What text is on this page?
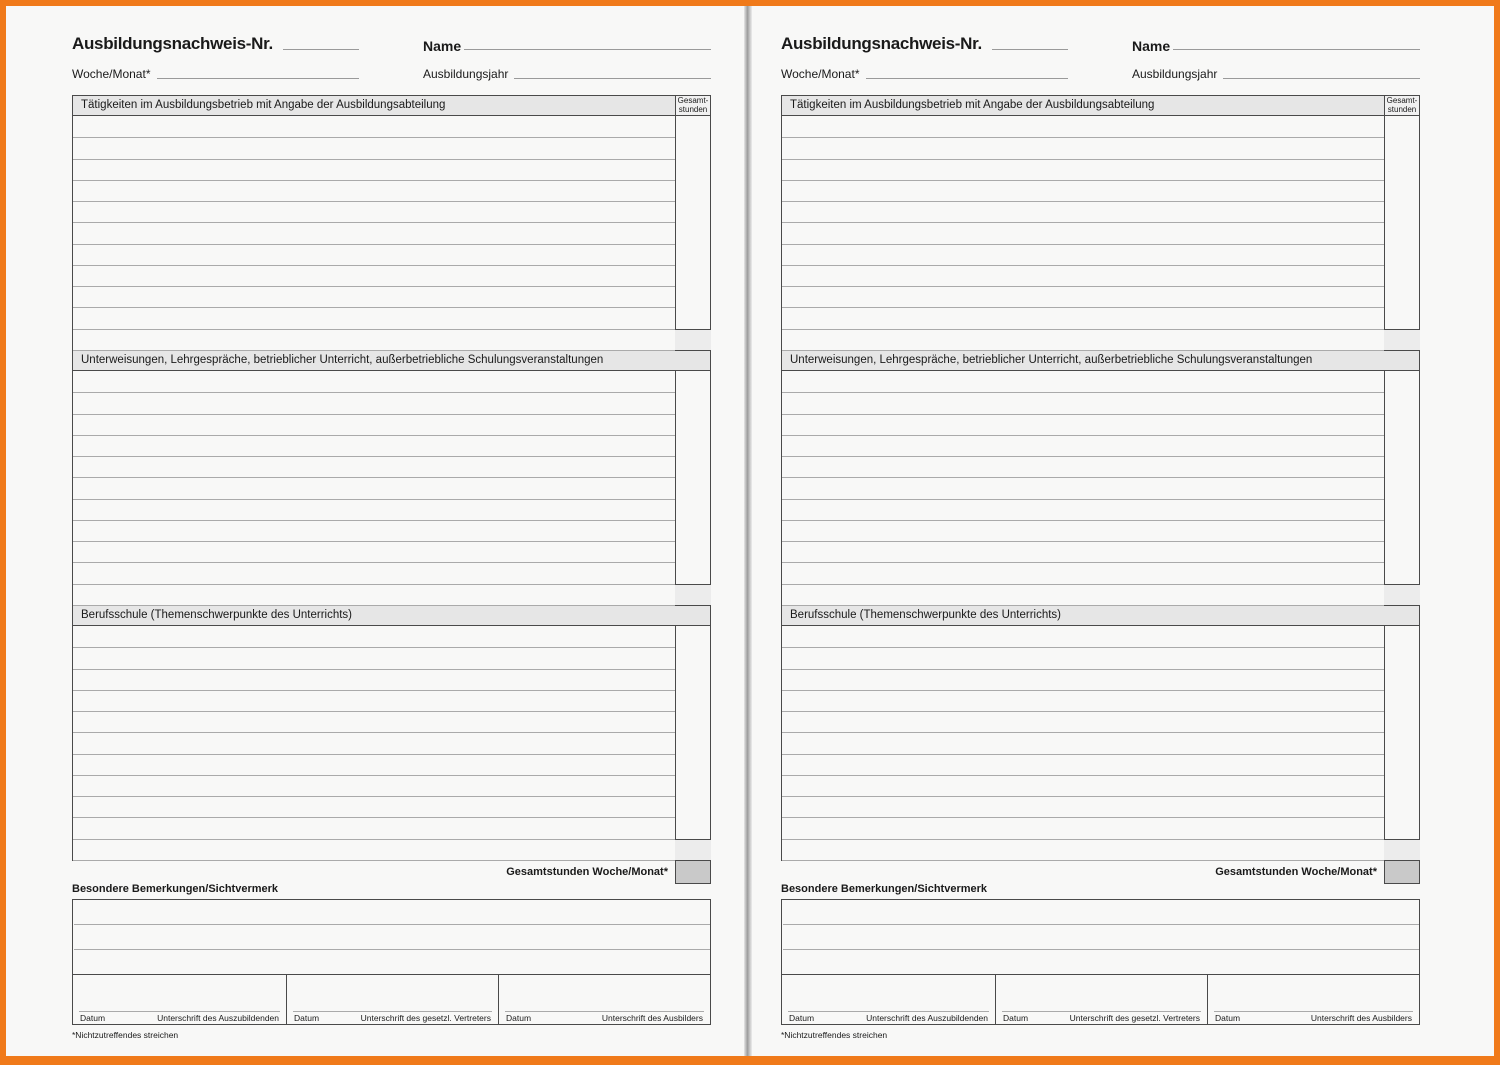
Ausbildungsnachweis-Nr.	Name
Woche/Monat*	Ausbildungsjahr
Tätigkeiten im Ausbildungsbetrieb mit Angabe der Ausbildungsabteilung	Gesamt-
stunden
Unterweisungen, Lehrgespräche, betrieblicher Unterricht, außerbetriebliche Schulungsveranstaltungen
Berufsschule (Themenschwerpunkte des Unterrichts)
Gesamtstunden Woche/Monat*
Besondere Bemerkungen/Sichtvermerk
Datum	Unterschrift des Auszubildenden Datum	Unterschrift des gesetzl. Vertreters Datum	Unterschrift des Ausbilders
*Nichtzutreffendes streichen
Ausbildungsnachweis-Nr.	Name
Woche/Monat*	Ausbildungsjahr
Tätigkeiten im Ausbildungsbetrieb mit Angabe der Ausbildungsabteilung	Gesamt-
stunden
Unterweisungen, Lehrgespräche, betrieblicher Unterricht, außerbetriebliche Schulungsveranstaltungen
Berufsschule (Themenschwerpunkte des Unterrichts)
Gesamtstunden Woche/Monat*
Besondere Bemerkungen/Sichtvermerk
Datum	Unterschrift des Auszubildenden Datum	Unterschrift des gesetzl. Vertreters Datum	Unterschrift des Ausbilders
*Nichtzutreffendes streichen
